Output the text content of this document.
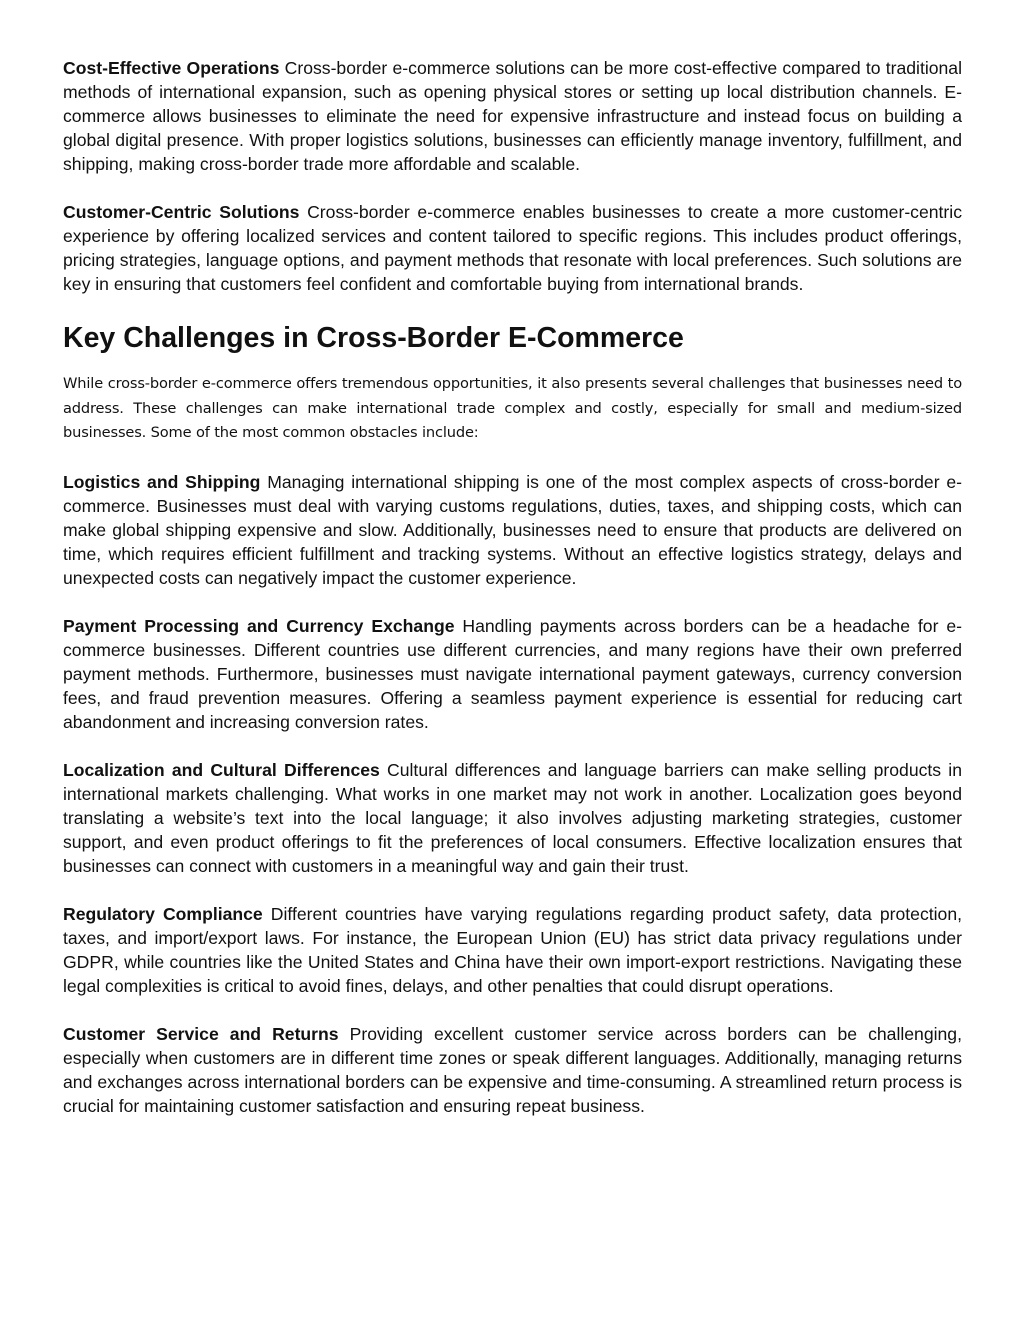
Cost-Effective Operations Cross-border e-commerce solutions can be more cost-effective compared to traditional methods of international expansion, such as opening physical stores or setting up local distribution channels. E-commerce allows businesses to eliminate the need for expensive infrastructure and instead focus on building a global digital presence. With proper logistics solutions, businesses can efficiently manage inventory, fulfillment, and shipping, making cross-border trade more affordable and scalable.

Customer-Centric Solutions Cross-border e-commerce enables businesses to create a more customer-centric experience by offering localized services and content tailored to specific regions. This includes product offerings, pricing strategies, language options, and payment methods that resonate with local preferences. Such solutions are key in ensuring that customers feel confident and comfortable buying from international brands.

Key Challenges in Cross-Border E-Commerce

While cross-border e-commerce offers tremendous opportunities, it also presents several challenges that businesses need to address. These challenges can make international trade complex and costly, especially for small and medium-sized businesses. Some of the most common obstacles include:

Logistics and Shipping Managing international shipping is one of the most complex aspects of cross-border e-commerce. Businesses must deal with varying customs regulations, duties, taxes, and shipping costs, which can make global shipping expensive and slow. Additionally, businesses need to ensure that products are delivered on time, which requires efficient fulfillment and tracking systems. Without an effective logistics strategy, delays and unexpected costs can negatively impact the customer experience.

Payment Processing and Currency Exchange Handling payments across borders can be a headache for e-commerce businesses. Different countries use different currencies, and many regions have their own preferred payment methods. Furthermore, businesses must navigate international payment gateways, currency conversion fees, and fraud prevention measures. Offering a seamless payment experience is essential for reducing cart abandonment and increasing conversion rates.

Localization and Cultural Differences Cultural differences and language barriers can make selling products in international markets challenging. What works in one market may not work in another. Localization goes beyond translating a website’s text into the local language; it also involves adjusting marketing strategies, customer support, and even product offerings to fit the preferences of local consumers. Effective localization ensures that businesses can connect with customers in a meaningful way and gain their trust.

Regulatory Compliance Different countries have varying regulations regarding product safety, data protection, taxes, and import/export laws. For instance, the European Union (EU) has strict data privacy regulations under GDPR, while countries like the United States and China have their own import-export restrictions. Navigating these legal complexities is critical to avoid fines, delays, and other penalties that could disrupt operations.

Customer Service and Returns Providing excellent customer service across borders can be challenging, especially when customers are in different time zones or speak different languages. Additionally, managing returns and exchanges across international borders can be expensive and time-consuming. A streamlined return process is crucial for maintaining customer satisfaction and ensuring repeat business.
